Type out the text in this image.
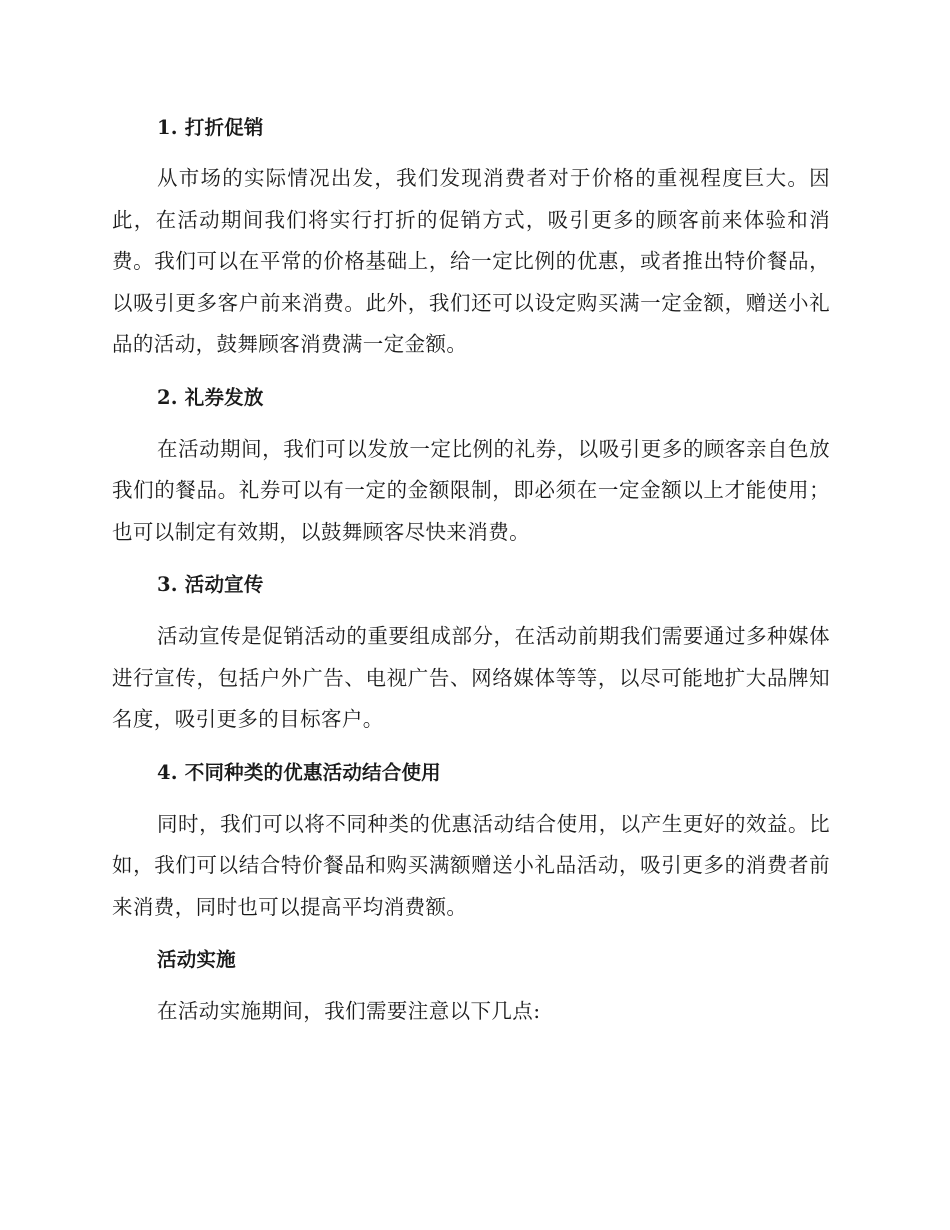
1. 打折促销

从市场的实际情况出发，我们发现消费者对于价格的重视程度巨大。因此，在活动期间我们将实行打折的促销方式，吸引更多的顾客前来体验和消费。我们可以在平常的价格基础上，给一定比例的优惠，或者推出特价餐品，以吸引更多客户前来消费。此外，我们还可以设定购买满一定金额，赠送小礼品的活动，鼓舞顾客消费满一定金额。

2. 礼券发放

在活动期间，我们可以发放一定比例的礼券，以吸引更多的顾客亲自色放我们的餐品。礼券可以有一定的金额限制，即必须在一定金额以上才能使用；也可以制定有效期，以鼓舞顾客尽快来消费。

3. 活动宣传

活动宣传是促销活动的重要组成部分，在活动前期我们需要通过多种媒体进行宣传，包括户外广告、电视广告、网络媒体等等，以尽可能地扩大品牌知名度，吸引更多的目标客户。

4. 不同种类的优惠活动结合使用

同时，我们可以将不同种类的优惠活动结合使用，以产生更好的效益。比如，我们可以结合特价餐品和购买满额赠送小礼品活动，吸引更多的消费者前来消费，同时也可以提高平均消费额。

活动实施

在活动实施期间，我们需要注意以下几点:
